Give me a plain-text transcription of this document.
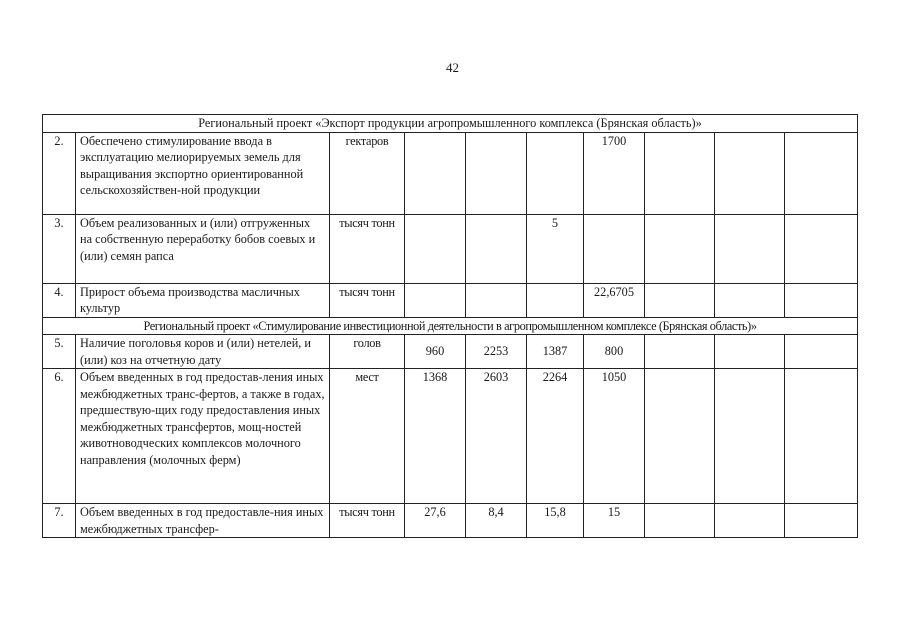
42
Региональный проект «Экспорт продукции агропромышленного комплекса (Брянская область)»									
2.	Обеспечено стимулирование ввода в эксплуатацию мелиорируемых земель для выращивания экспортно ориентированной сельскохозяйствен-ной продукции	гектаров				1700			
3.	Объем реализованных и (или) отгруженных на собственную переработку бобов соевых и (или) семян рапса	тысяч тонн			5				
4.	Прирост объема производства масличных культур	тысяч тонн				22,6705			
Региональный проект «Стимулирование инвестиционной деятельности в агропромышленном комплексе (Брянская область)»									
5.	Наличие поголовья коров и (или) нетелей, и (или) коз на отчетную дату	голов	960	2253	1387	800			
6.	Объем введенных в год предостав-ления иных межбюджетных транс-фертов, а также в годах, предшествую-щих году предоставления иных межбюджетных трансфертов, мощ-ностей животноводческих комплексов молочного направления (молочных ферм)	мест	1368	2603	2264	1050			
7.	Объем введенных в год предоставле-ния иных межбюджетных трансфер-	тысяч тонн	27,6	8,4	15,8	15			
